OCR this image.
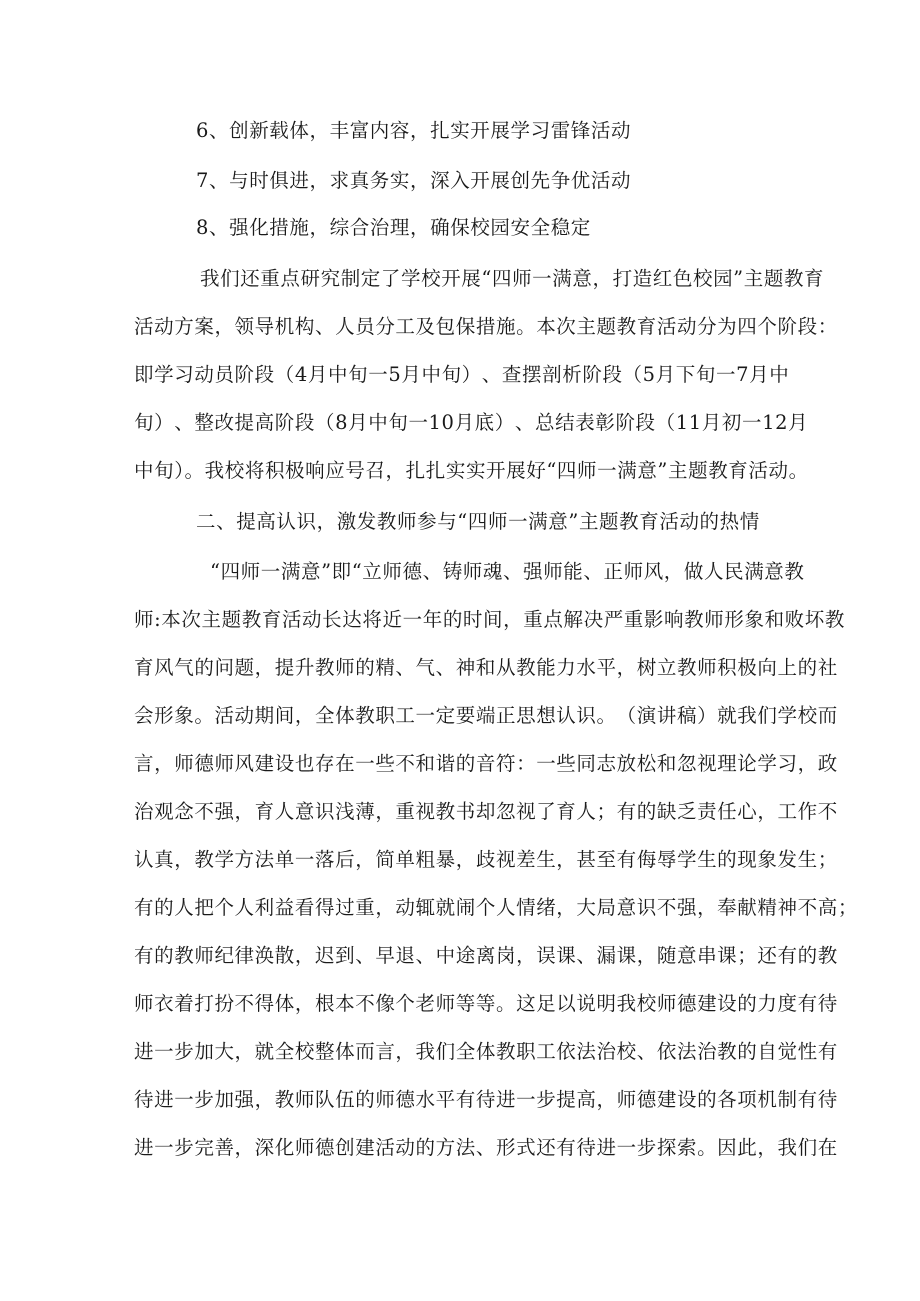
6、创新载体，丰富内容，扎实开展学习雷锋活动
7、与时俱进，求真务实，深入开展创先争优活动
8、强化措施，综合治理，确保校园安全稳定
我们还重点研究制定了学校开展“四师一满意，打造红色校园”主题教育
活 动 方 案 ， 领 导 机 构 、 人 员 分 工 及 包 保 措 施 。 本 次 主 题 教 育 活 动 分 为 四 个 阶 段 ：
即 学 习 动 员 阶 段 （ 4 月 中 旬 一 5 月 中 旬 ） 、 查 摆 剖 析 阶 段 （ 5 月 下 旬 一 7 月 中
旬 ） 、 整 改 提 高 阶 段 （ 8 月 中 旬 一 10 月 底 ） 、 总 结 表 彰 阶 段 （ 11 月 初 一 12 月
中旬）。我校将积极响应号召，扎扎实实开展好“四师一满意”主题教育活动。
二、提高认识，激发教师参与“四师一满意”主题教育活动的热情
“四师一满意”即“立师德、铸师魂、强师能、正师风，做人民满意教
师 : 本 次 主 题 教 育 活 动 长 达 将 近 一 年 的 时 间 ， 重 点 解 决 严 重 影 响 教 师 形 象 和 败 坏 教
育 风 气 的 问 题 ， 提 升 教 师 的 精 、 气 、 神 和 从 教 能 力 水 平 ， 树 立 教 师 积 极 向 上 的 社
会 形 象 。 活 动 期 间 ， 全 体 教 职 工 一 定 要 端 正 思 想 认 识 。 （ 演 讲 稿 ） 就 我 们 学 校 而
言 ， 师 德 师 风 建 设 也 存 在 一 些 不 和 谐 的 音 符 ： 一 些 同 志 放 松 和 忽 视 理 论 学 习 ， 政
治 观 念 不 强 ， 育 人 意 识 浅 薄 ， 重 视 教 书 却 忽 视 了 育 人 ； 有 的 缺 乏 责 任 心 ， 工 作 不
认 真 ， 教 学 方 法 单 一 落 后 ， 简 单 粗 暴 ， 歧 视 差 生 ， 甚 至 有 侮 辱 学 生 的 现 象 发 生 ；
有 的 人 把 个 人 利 益 看 得 过 重 ， 动 辄 就 闹 个 人 情 绪 ， 大 局 意 识 不 强 ， 奉 献 精 神 不 高 ；
有 的 教 师 纪 律 涣 散 ， 迟 到 、 早 退 、 中 途 离 岗 ， 误 课 、 漏 课 ， 随 意 串 课 ； 还 有 的 教
师 衣 着 打 扮 不 得 体 ， 根 本 不 像 个 老 师 等 等 。 这 足 以 说 明 我 校 师 德 建 设 的 力 度 有 待
进 一 步 加 大 ， 就 全 校 整 体 而 言 ， 我 们 全 体 教 职 工 依 法 治 校 、 依 法 治 教 的 自 觉 性 有
待 进 一 步 加 强 ， 教 师 队 伍 的 师 德 水 平 有 待 进 一 步 提 高 ， 师 德 建 设 的 各 项 机 制 有 待
进 一 步 完 善 ， 深 化 师 德 创 建 活 动 的 方 法 、 形 式 还 有 待 进 一 步 探 索 。 因 此 ， 我 们 在
